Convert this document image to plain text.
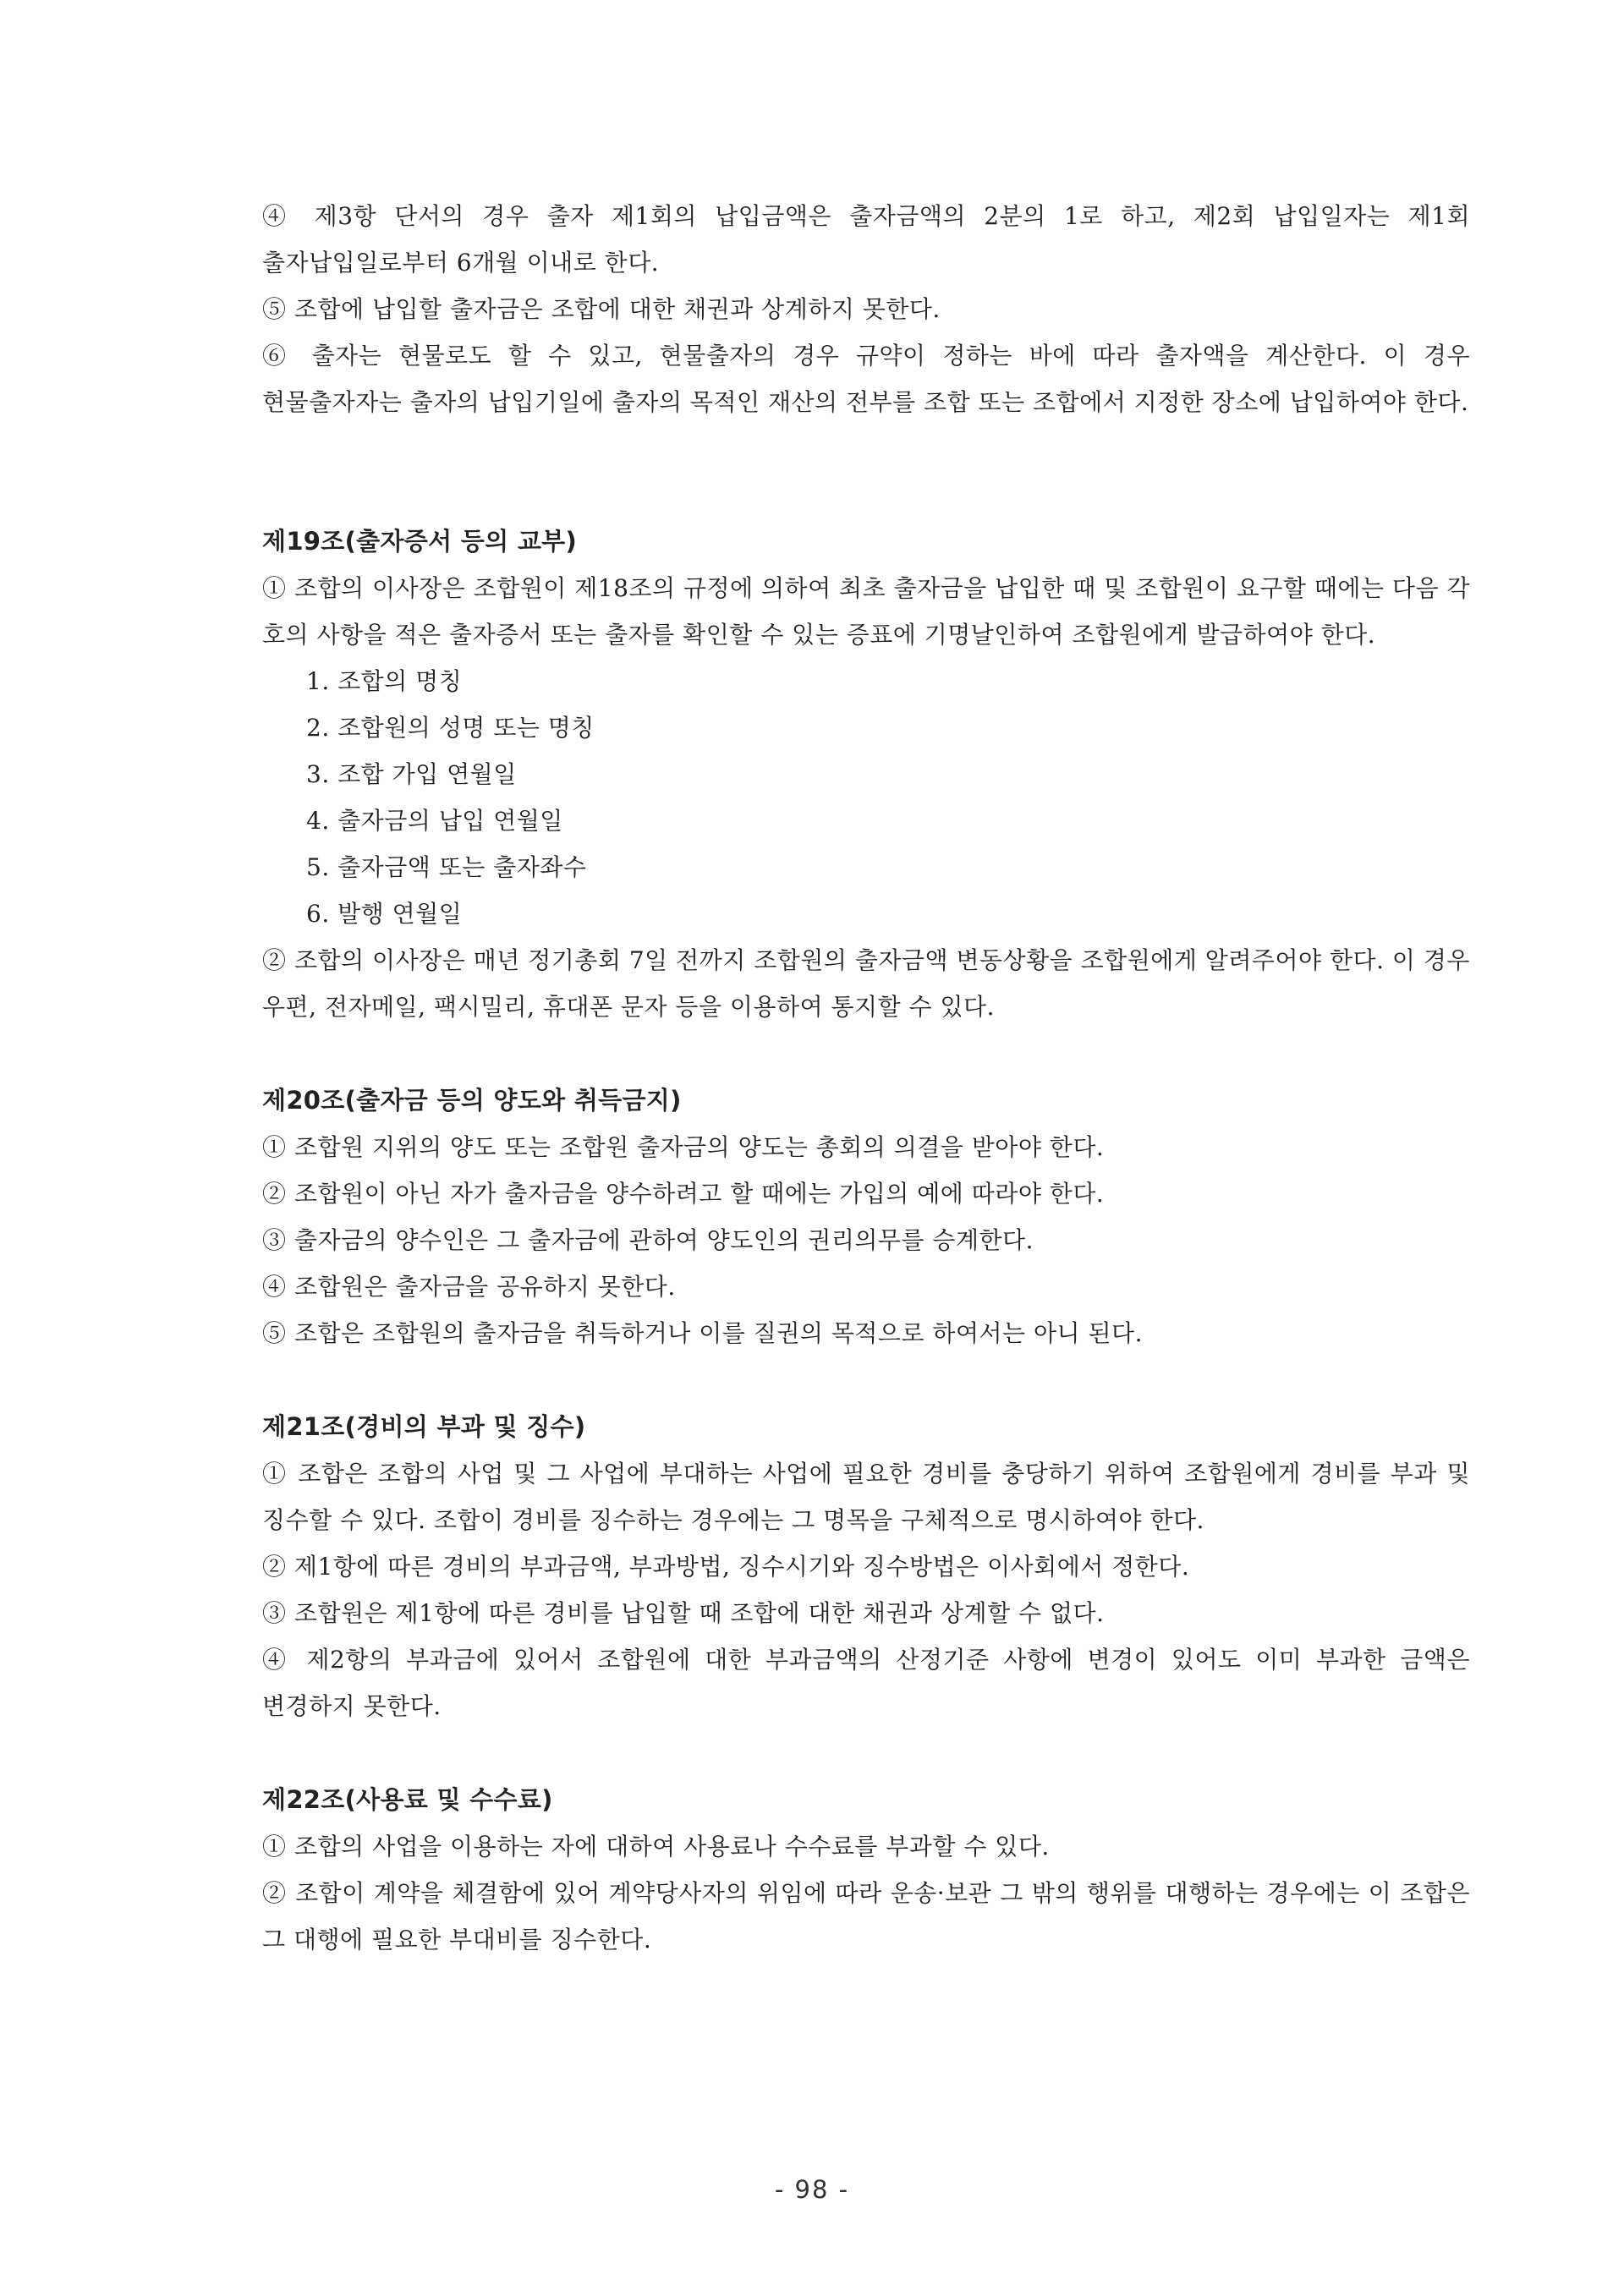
④ 제3항 단서의 경우 출자 제1회의 납입금액은 출자금액의 2분의 1로 하고, 제2회 납입일자는 제1회 출자납입일로부터 6개월 이내로 한다.

⑤ 조합에 납입할 출자금은 조합에 대한 채권과 상계하지 못한다.

⑥ 출자는 현물로도 할 수 있고, 현물출자의 경우 규약이 정하는 바에 따라 출자액을 계산한다. 이 경우 현물출자자는 출자의 납입기일에 출자의 목적인 재산의 전부를 조합 또는 조합에서 지정한 장소에 납입하여야 한다.

제19조(출자증서 등의 교부)

① 조합의 이사장은 조합원이 제18조의 규정에 의하여 최초 출자금을 납입한 때 및 조합원이 요구할 때에는 다음 각 호의 사항을 적은 출자증서 또는 출자를 확인할 수 있는 증표에 기명날인하여 조합원에게 발급하여야 한다.

1. 조합의 명칭

2. 조합원의 성명 또는 명칭

3. 조합 가입 연월일

4. 출자금의 납입 연월일

5. 출자금액 또는 출자좌수

6. 발행 연월일

② 조합의 이사장은 매년 정기총회 7일 전까지 조합원의 출자금액 변동상황을 조합원에게 알려주어야 한다. 이 경우 우편, 전자메일, 팩시밀리, 휴대폰 문자 등을 이용하여 통지할 수 있다.

제20조(출자금 등의 양도와 취득금지)

① 조합원 지위의 양도 또는 조합원 출자금의 양도는 총회의 의결을 받아야 한다.

② 조합원이 아닌 자가 출자금을 양수하려고 할 때에는 가입의 예에 따라야 한다.

③ 출자금의 양수인은 그 출자금에 관하여 양도인의 권리의무를 승계한다.

④ 조합원은 출자금을 공유하지 못한다.

⑤ 조합은 조합원의 출자금을 취득하거나 이를 질권의 목적으로 하여서는 아니 된다.

제21조(경비의 부과 및 징수)

① 조합은 조합의 사업 및 그 사업에 부대하는 사업에 필요한 경비를 충당하기 위하여 조합원에게 경비를 부과 및 징수할 수 있다. 조합이 경비를 징수하는 경우에는 그 명목을 구체적으로 명시하여야 한다.

② 제1항에 따른 경비의 부과금액, 부과방법, 징수시기와 징수방법은 이사회에서 정한다.

③ 조합원은 제1항에 따른 경비를 납입할 때 조합에 대한 채권과 상계할 수 없다.

④ 제2항의 부과금에 있어서 조합원에 대한 부과금액의 산정기준 사항에 변경이 있어도 이미 부과한 금액은 변경하지 못한다.

제22조(사용료 및 수수료)

① 조합의 사업을 이용하는 자에 대하여 사용료나 수수료를 부과할 수 있다.

② 조합이 계약을 체결함에 있어 계약당사자의 위임에 따라 운송·보관 그 밖의 행위를 대행하는 경우에는 이 조합은 그 대행에 필요한 부대비를 징수한다.

- 98 -
